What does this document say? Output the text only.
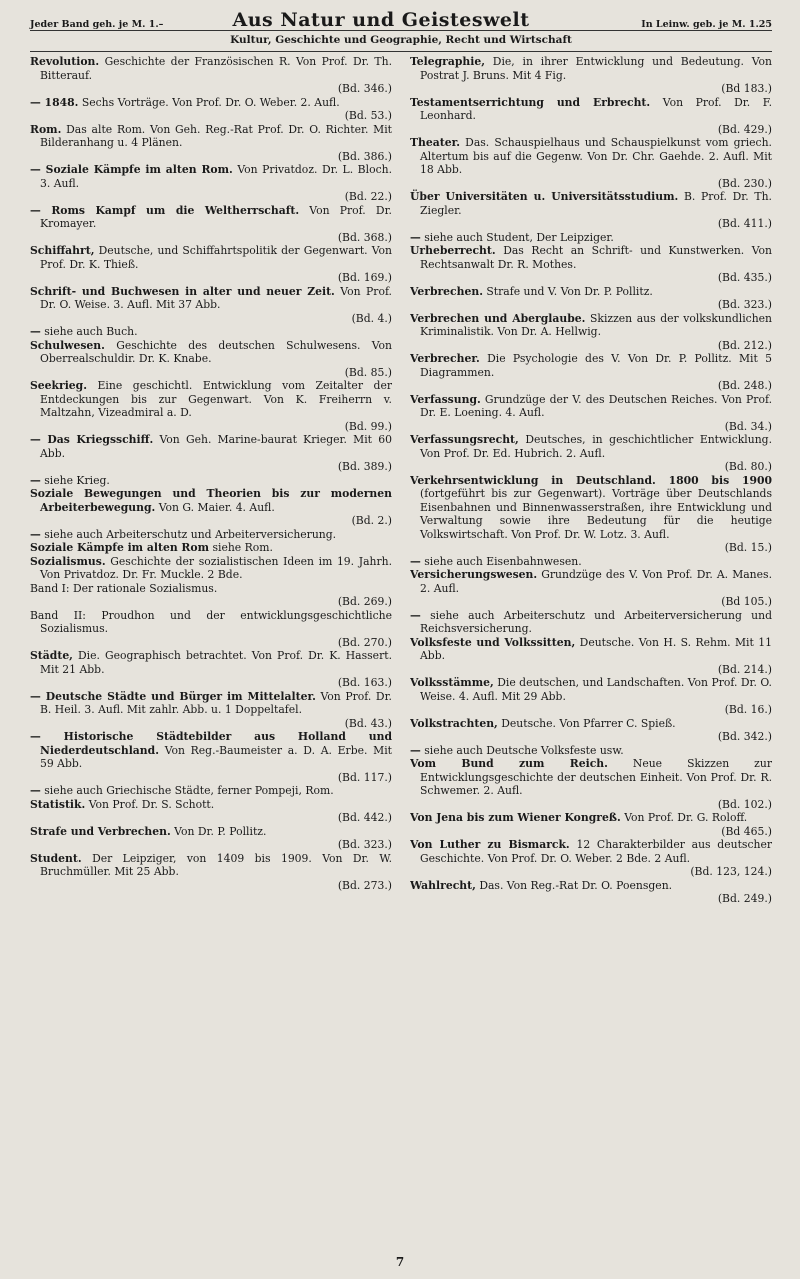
Jeder Band geh. je M. 1.–	Aus Natur und Geisteswelt	In Leinw. geb. je M. 1.25
Kultur, Geschichte und Geographie, Recht und Wirtschaft

Revolution. Geschichte der Französischen R. Von Prof. Dr. Th. Bitterauf.
(Bd. 346.)

— 1848. Sechs Vorträge. Von Prof. Dr. O. Weber. 2. Aufl.
(Bd. 53.)

Rom. Das alte Rom. Von Geh. Reg.-Rat Prof. Dr. O. Richter. Mit Bilderanhang u. 4 Plänen.
(Bd. 386.)

— Soziale Kämpfe im alten Rom. Von Privatdoz. Dr. L. Bloch. 3. Aufl.
(Bd. 22.)

— Roms Kampf um die Weltherrschaft. Von Prof. Dr. Kromayer.
(Bd. 368.)

Schiffahrt, Deutsche, und Schiffahrtspolitik der Gegenwart. Von Prof. Dr. K. Thieß.
(Bd. 169.)

Schrift- und Buchwesen in alter und neuer Zeit. Von Prof. Dr. O. Weise. 3. Aufl. Mit 37 Abb.
(Bd. 4.)

— siehe auch Buch.

Schulwesen. Geschichte des deutschen Schulwesens. Von Oberrealschuldir. Dr. K. Knabe.
(Bd. 85.)

Seekrieg. Eine geschichtl. Entwicklung vom Zeitalter der Entdeckungen bis zur Gegenwart. Von K. Freiherrn v. Maltzahn, Vizeadmiral a. D.
(Bd. 99.)

— Das Kriegsschiff. Von Geh. Marine-baurat Krieger. Mit 60 Abb.
(Bd. 389.)

— siehe Krieg.

Soziale Bewegungen und Theorien bis zur modernen Arbeiterbewegung. Von G. Maier. 4. Aufl.
(Bd. 2.)

— siehe auch Arbeiterschutz und Arbeiterversicherung.

Soziale Kämpfe im alten Rom siehe Rom.

Sozialismus. Geschichte der sozialistischen Ideen im 19. Jahrh. Von Privatdoz. Dr. Fr. Muckle. 2 Bde.

Band I: Der rationale Sozialismus.
(Bd. 269.)

Band II: Proudhon und der entwicklungsgeschichtliche Sozialismus.
(Bd. 270.)

Städte, Die. Geographisch betrachtet. Von Prof. Dr. K. Hassert. Mit 21 Abb.
(Bd. 163.)

— Deutsche Städte und Bürger im Mittelalter. Von Prof. Dr. B. Heil. 3. Aufl. Mit zahlr. Abb. u. 1 Doppeltafel.
(Bd. 43.)

— Historische Städtebilder aus Holland und Niederdeutschland. Von Reg.-Baumeister a. D. A. Erbe. Mit 59 Abb.
(Bd. 117.)

— siehe auch Griechische Städte, ferner Pompeji, Rom.

Statistik. Von Prof. Dr. S. Schott.
(Bd. 442.)

Strafe und Verbrechen. Von Dr. P. Pollitz.
(Bd. 323.)

Student. Der Leipziger, von 1409 bis 1909. Von Dr. W. Bruchmüller. Mit 25 Abb.
(Bd. 273.)

Telegraphie, Die, in ihrer Entwicklung und Bedeutung. Von Postrat J. Bruns. Mit 4 Fig.
(Bd 183.)

Testamentserrichtung und Erbrecht. Von Prof. Dr. F. Leonhard.
(Bd. 429.)

Theater. Das. Schauspielhaus und Schauspielkunst vom griech. Altertum bis auf die Gegenw. Von Dr. Chr. Gaehde. 2. Aufl. Mit 18 Abb.
(Bd. 230.)

Über Universitäten u. Universitätsstudium. B. Prof. Dr. Th. Ziegler.
(Bd. 411.)

— siehe auch Student, Der Leipziger.

Urheberrecht. Das Recht an Schrift- und Kunstwerken. Von Rechtsanwalt Dr. R. Mothes.
(Bd. 435.)

Verbrechen. Strafe und V. Von Dr. P. Pollitz.
(Bd. 323.)

Verbrechen und Aberglaube. Skizzen aus der volkskundlichen Kriminalistik. Von Dr. A. Hellwig.
(Bd. 212.)

Verbrecher. Die Psychologie des V. Von Dr. P. Pollitz. Mit 5 Diagrammen.
(Bd. 248.)

Verfassung. Grundzüge der V. des Deutschen Reiches. Von Prof. Dr. E. Loening. 4. Aufl.
(Bd. 34.)

Verfassungsrecht, Deutsches, in geschichtlicher Entwicklung. Von Prof. Dr. Ed. Hubrich. 2. Aufl.
(Bd. 80.)

Verkehrsentwicklung in Deutschland. 1800 bis 1900 (fortgeführt bis zur Gegenwart). Vorträge über Deutschlands Eisenbahnen und Binnenwasserstraßen, ihre Entwicklung und Verwaltung sowie ihre Bedeutung für die heutige Volkswirtschaft. Von Prof. Dr. W. Lotz. 3. Aufl.
(Bd. 15.)

— siehe auch Eisenbahnwesen.

Versicherungswesen. Grundzüge des V. Von Prof. Dr. A. Manes. 2. Aufl.
(Bd 105.)

— siehe auch Arbeiterschutz und Arbeiterversicherung und Reichsversicherung.

Volksfeste und Volkssitten, Deutsche. Von H. S. Rehm. Mit 11 Abb.
(Bd. 214.)

Volksstämme, Die deutschen, und Landschaften. Von Prof. Dr. O. Weise. 4. Aufl. Mit 29 Abb.
(Bd. 16.)

Volkstrachten, Deutsche. Von Pfarrer C. Spieß.
(Bd. 342.)

— siehe auch Deutsche Volksfeste usw.

Vom Bund zum Reich. Neue Skizzen zur Entwicklungsgeschichte der deutschen Einheit. Von Prof. Dr. R. Schwemer. 2. Aufl.
(Bd. 102.)

Von Jena bis zum Wiener Kongreß. Von Prof. Dr. G. Roloff.
(Bd 465.)

Von Luther zu Bismarck. 12 Charakterbilder aus deutscher Geschichte. Von Prof. Dr. O. Weber. 2 Bde. 2 Aufl.
(Bd. 123, 124.)

Wahlrecht, Das. Von Reg.-Rat Dr. O. Poensgen.
(Bd. 249.)

7
